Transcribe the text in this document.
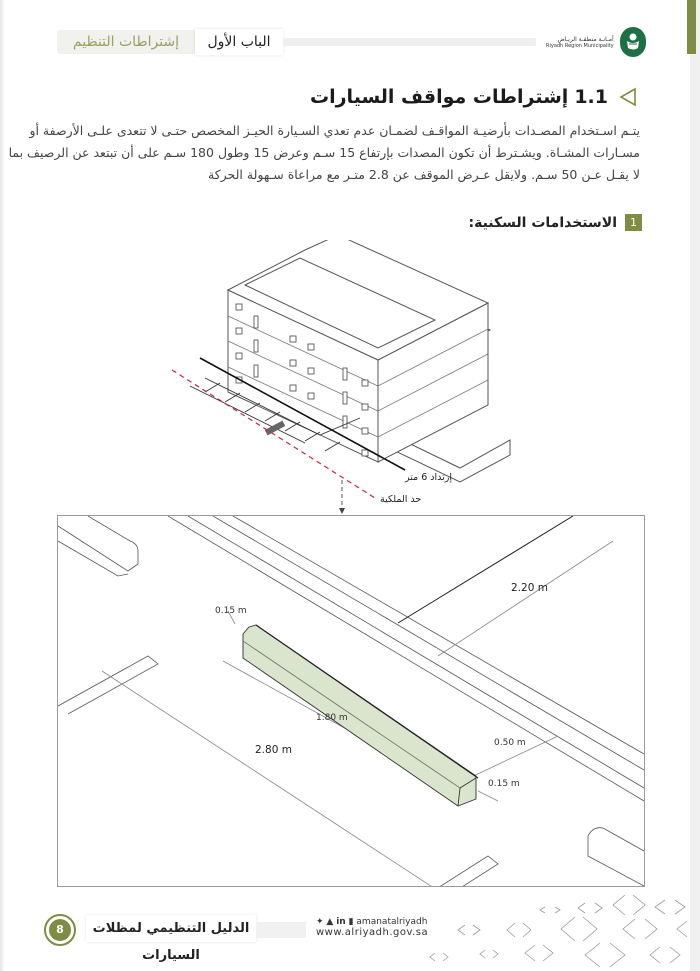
إشتراطات التنظيم	الباب الأول	أمـانـة منطقـة الريـاض
Riyadh Region Municipality
1.1
إشتراطات مواقف السيارات
يتـم اسـتخدام المصـدات بأرضيـة المواقـف لضمـان عدم تعدي السـيارة الحيـز المخصص حتـى لا تتعدى علـى الأرصفة أو
مسـارات المشـاة. ويشـترط أن تكون المصدات بإرتفاع 15 سـم وعرض 15 وطول 180 سـم على أن تبتعد عن الرصيف بما
لا يقـل عـن 50 سـم. ولايقل عـرض الموقف عن 2.8 متـر مع مراعاة سـهولة الحركة
1
الاستخدامات السكنية:
إرتداد 6 متر
حد الملكية
0.15 m
1.80 m
2.80 m
2.20 m
0.50 m
0.15 m
8	الدليل التنظيمي لمظلات السيارات
✦ ▲ in ▮ amanatalriyadh
www.alriyadh.gov.sa
